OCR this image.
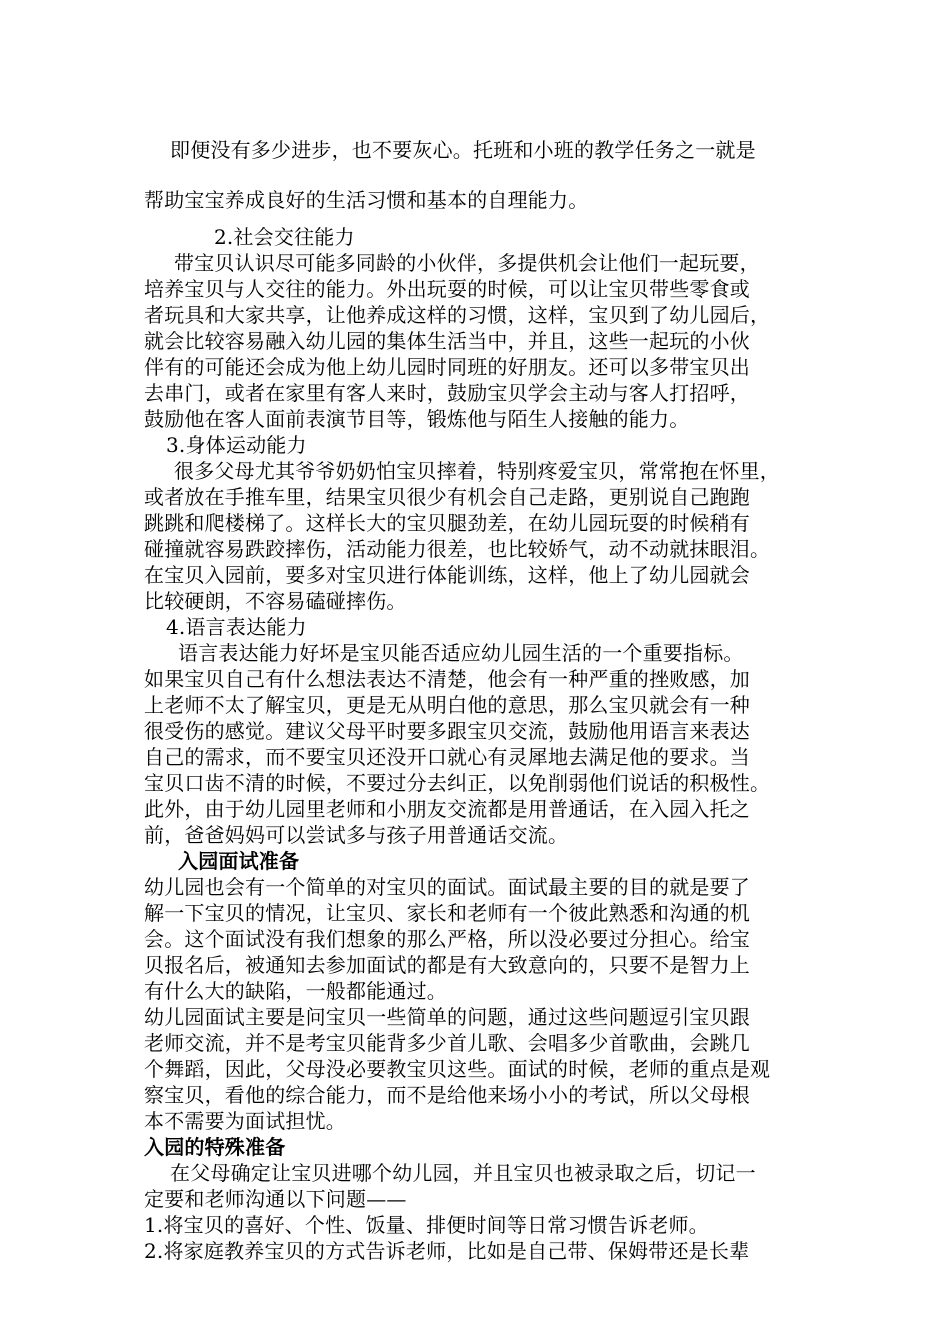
即便没有多少进步，也不要灰心。托班和小班的教学任务之一就是
帮助宝宝养成良好的生活习惯和基本的自理能力。
2.社会交往能力
带宝贝认识尽可能多同龄的小伙伴，多提供机会让他们一起玩要，
培养宝贝与人交往的能力。外出玩耍的时候，可以让宝贝带些零食或
者玩具和大家共享，让他养成这样的习惯，这样，宝贝到了幼儿园后，
就会比较容易融入幼儿园的集体生活当中，并且，这些一起玩的小伙
伴有的可能还会成为他上幼儿园时同班的好朋友。还可以多带宝贝出
去串门，或者在家里有客人来时，鼓励宝贝学会主动与客人打招呼，
鼓励他在客人面前表演节目等，锻炼他与陌生人接触的能力。
3.身体运动能力
很多父母尤其爷爷奶奶怕宝贝摔着，特别疼爱宝贝，常常抱在怀里，
或者放在手推车里，结果宝贝很少有机会自己走路，更别说自己跑跑
跳跳和爬楼梯了。这样长大的宝贝腿劲差，在幼儿园玩耍的时候稍有
碰撞就容易跌跤摔伤，活动能力很差，也比较娇气，动不动就抹眼泪。
在宝贝入园前，要多对宝贝进行体能训练，这样，他上了幼儿园就会
比较硬朗，不容易磕碰摔伤。
4.语言表达能力
语言表达能力好坏是宝贝能否适应幼儿园生活的一个重要指标。
如果宝贝自己有什么想法表达不清楚，他会有一种严重的挫败感，加
上老师不太了解宝贝，更是无从明白他的意思，那么宝贝就会有一种
很受伤的感觉。建议父母平时要多跟宝贝交流，鼓励他用语言来表达
自己的需求，而不要宝贝还没开口就心有灵犀地去满足他的要求。当
宝贝口齿不清的时候，不要过分去纠正，以免削弱他们说话的积极性。
此外，由于幼儿园里老师和小朋友交流都是用普通话，在入园入托之
前，爸爸妈妈可以尝试多与孩子用普通话交流。
入园面试准备
幼儿园也会有一个简单的对宝贝的面试。面试最主要的目的就是要了
解一下宝贝的情况，让宝贝、家长和老师有一个彼此熟悉和沟通的机
会。这个面试没有我们想象的那么严格，所以没必要过分担心。给宝
贝报名后，被通知去参加面试的都是有大致意向的，只要不是智力上
有什么大的缺陷，一般都能通过。
幼儿园面试主要是问宝贝一些简单的问题，通过这些问题逗引宝贝跟
老师交流，并不是考宝贝能背多少首儿歌、会唱多少首歌曲，会跳几
个舞蹈，因此，父母没必要教宝贝这些。面试的时候，老师的重点是观
察宝贝，看他的综合能力，而不是给他来场小小的考试，所以父母根
本不需要为面试担忧。
入园的特殊准备
在父母确定让宝贝进哪个幼儿园，并且宝贝也被录取之后，切记一
定要和老师沟通以下问题——
1.将宝贝的喜好、个性、饭量、排便时间等日常习惯告诉老师。
2.将家庭教养宝贝的方式告诉老师，比如是自己带、保姆带还是长辈
